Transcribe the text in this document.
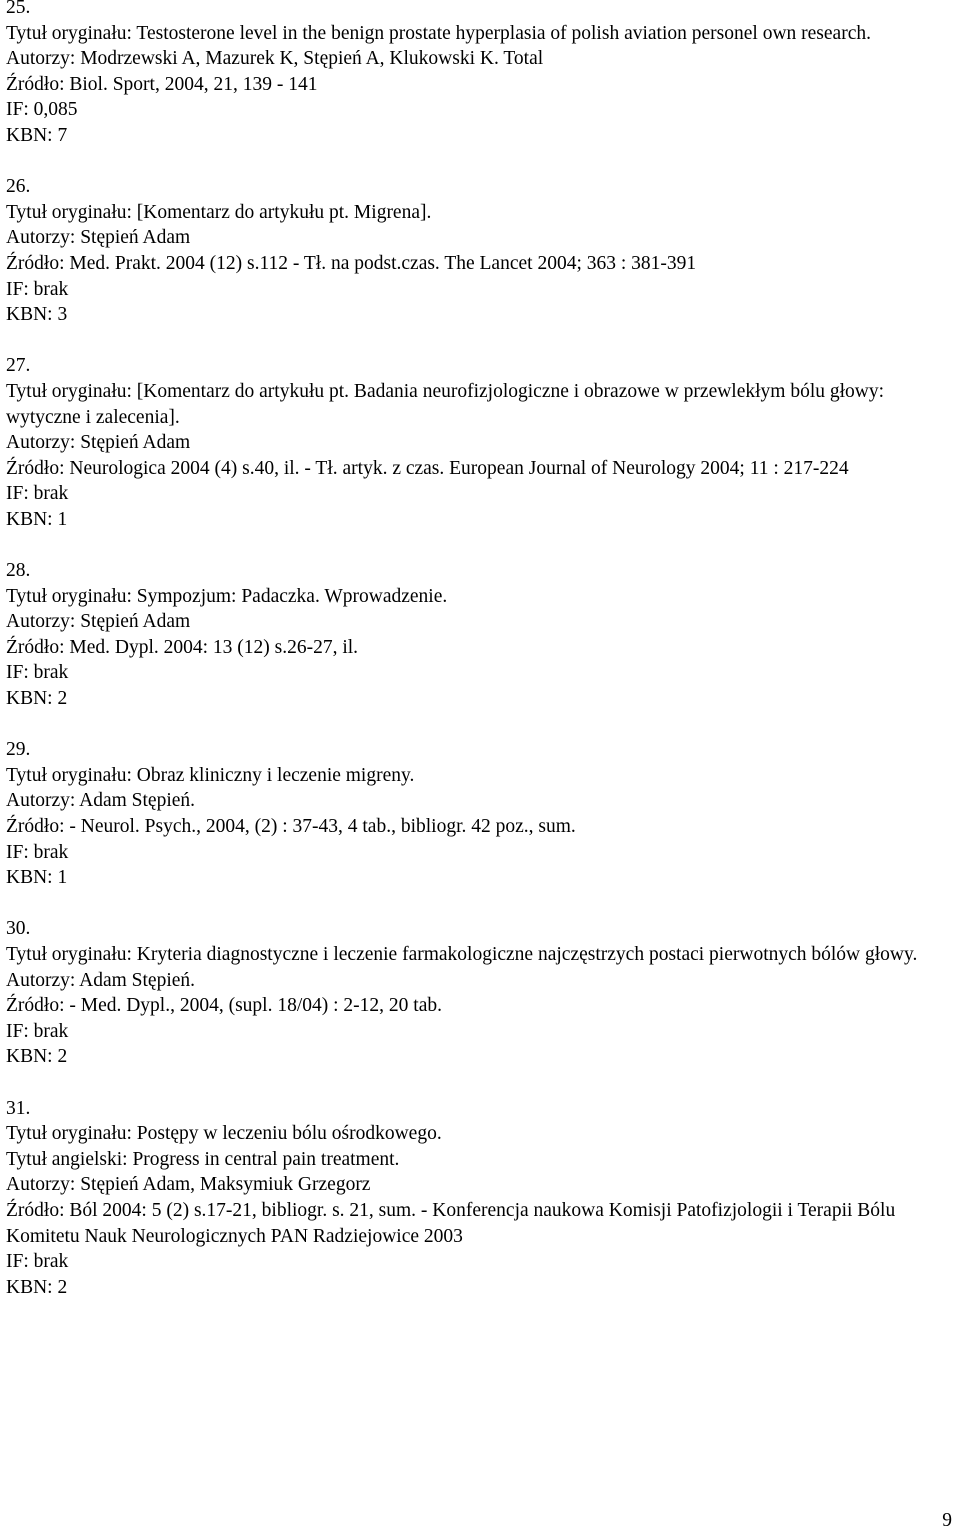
25.
Tytuł oryginału: Testosterone level in the benign prostate hyperplasia of polish aviation personel own research.
Autorzy: Modrzewski A, Mazurek K, Stępień A, Klukowski K. Total
Źródło: Biol. Sport, 2004, 21, 139 - 141
IF: 0,085
KBN: 7
26.
Tytuł oryginału: [Komentarz do artykułu pt. Migrena].
Autorzy: Stępień Adam
Źródło: Med. Prakt. 2004 (12) s.112 - Tł. na podst.czas. The Lancet 2004; 363 : 381-391
IF: brak
KBN: 3
27.
Tytuł oryginału: [Komentarz do artykułu pt. Badania neurofizjologiczne i obrazowe w przewlekłym bólu głowy: wytyczne i zalecenia].
Autorzy: Stępień Adam
Źródło: Neurologica 2004 (4) s.40, il. - Tł. artyk. z czas. European Journal of Neurology 2004; 11 : 217-224
IF: brak
KBN: 1
28.
Tytuł oryginału: Sympozjum: Padaczka. Wprowadzenie.
Autorzy: Stępień Adam
Źródło: Med. Dypl. 2004: 13 (12) s.26-27, il.
IF: brak
KBN: 2
29.
Tytuł oryginału: Obraz kliniczny i leczenie migreny.
Autorzy: Adam Stępień.
Źródło: - Neurol. Psych., 2004, (2) : 37-43, 4 tab., bibliogr. 42 poz., sum.
IF: brak
KBN: 1
30.
Tytuł oryginału: Kryteria diagnostyczne i leczenie farmakologiczne najczęstrzych postaci pierwotnych bólów głowy.
Autorzy: Adam Stępień.
Źródło: - Med. Dypl., 2004, (supl. 18/04) : 2-12, 20 tab.
IF: brak
KBN: 2
31.
Tytuł oryginału: Postępy w leczeniu bólu ośrodkowego.
Tytuł angielski: Progress in central pain treatment.
Autorzy: Stępień Adam, Maksymiuk Grzegorz
Źródło: Ból 2004: 5 (2) s.17-21, bibliogr. s. 21, sum. - Konferencja naukowa Komisji Patofizjologii i Terapii Bólu Komitetu Nauk Neurologicznych PAN Radziejowice 2003
IF: brak
KBN: 2
9
